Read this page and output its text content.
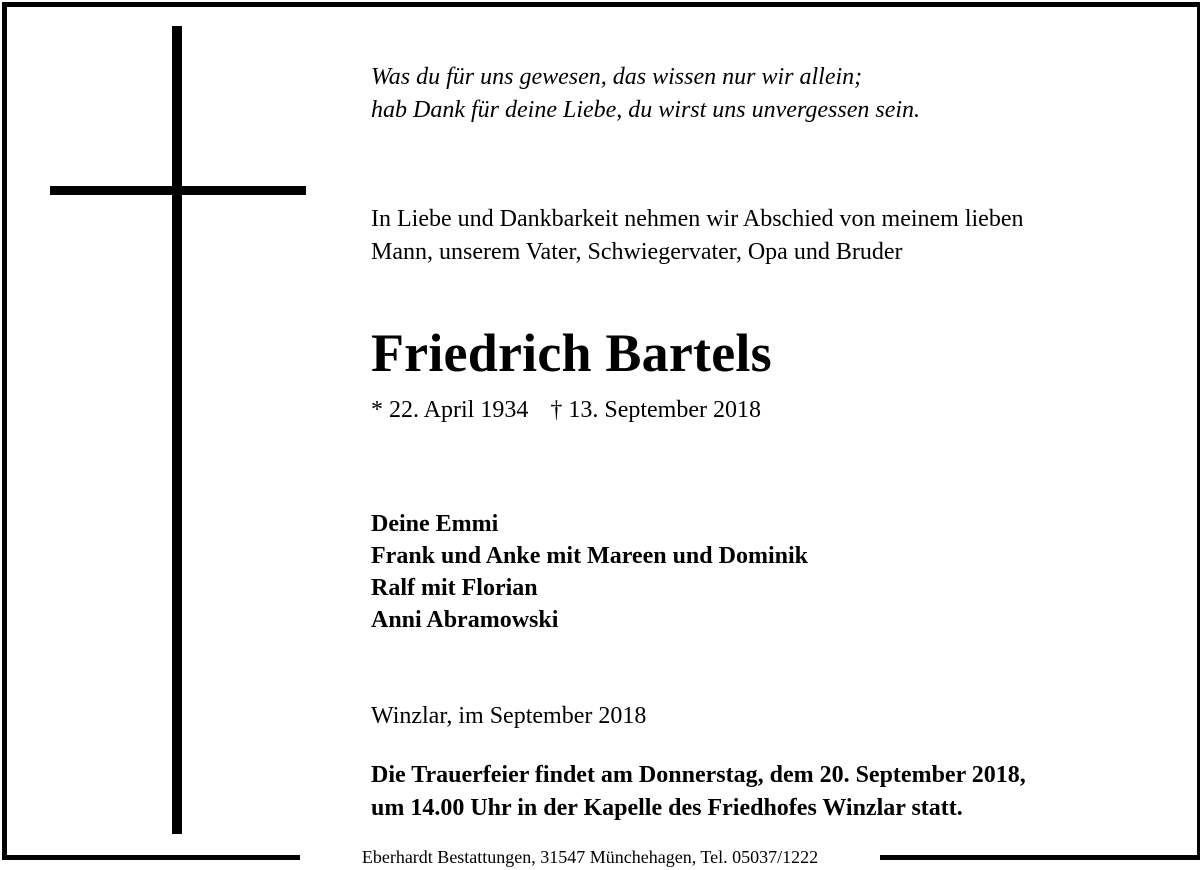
Was du für uns gewesen, das wissen nur wir allein;
hab Dank für deine Liebe, du wirst uns unvergessen sein.
In Liebe und Dankbarkeit nehmen wir Abschied von meinem lieben
Mann, unserem Vater, Schwiegervater, Opa und Bruder
Friedrich Bartels
* 22. April 1934 † 13. September 2018
Deine Emmi
Frank und Anke mit Mareen und Dominik
Ralf mit Florian
Anni Abramowski
Winzlar, im September 2018
Die Trauerfeier findet am Donnerstag, dem 20. September 2018,
um 14.00 Uhr in der Kapelle des Friedhofes Winzlar statt.
Eberhardt Bestattungen, 31547 Münchehagen, Tel. 05037/1222
